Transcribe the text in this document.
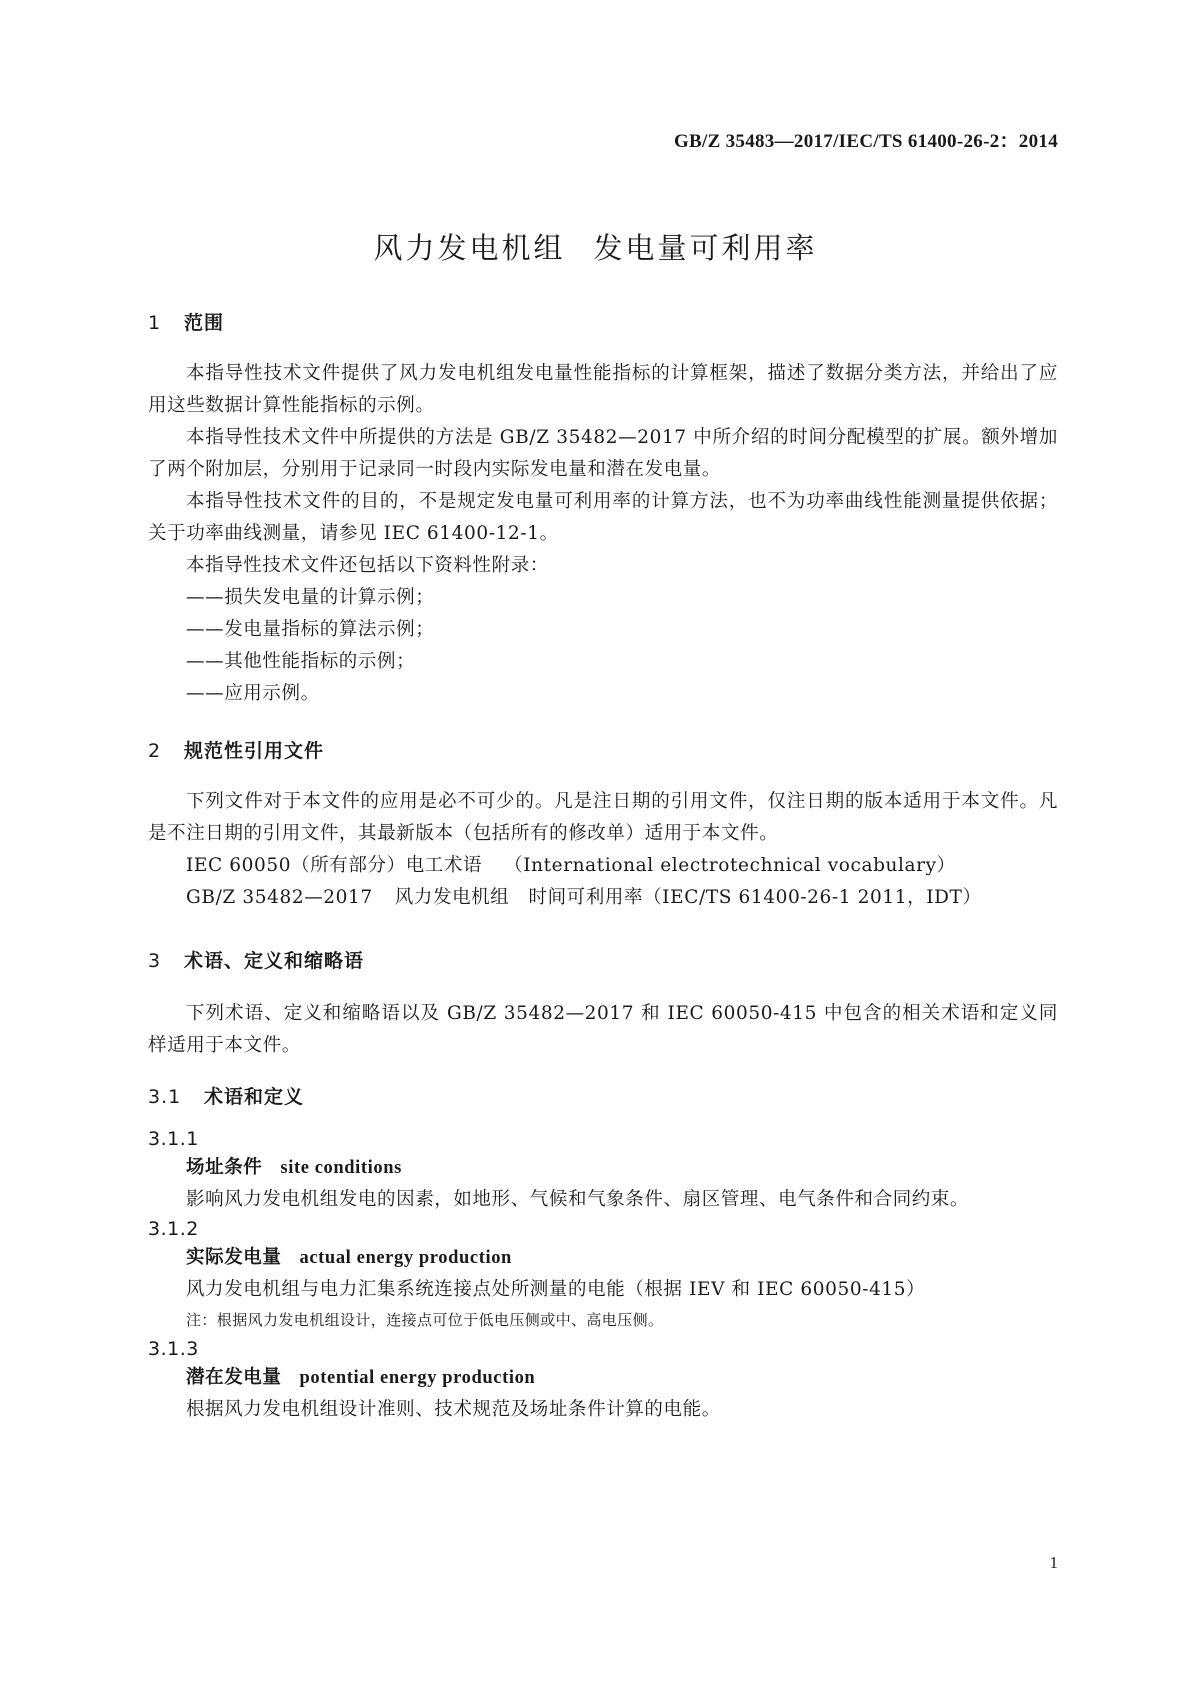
GB/Z 35483—2017/IEC/TS 61400-26-2：2014
风力发电机组 发电量可利用率
1 范围

本指导性技术文件提供了风力发电机组发电量性能指标的计算框架，描述了数据分类方法，并给出了应用这些数据计算性能指标的示例。

本指导性技术文件中所提供的方法是 GB/Z 35482—2017 中所介绍的时间分配模型的扩展。额外增加了两个附加层，分别用于记录同一时段内实际发电量和潜在发电量。

本指导性技术文件的目的，不是规定发电量可利用率的计算方法，也不为功率曲线性能测量提供依据；关于功率曲线测量，请参见 IEC 61400-12-1。

本指导性技术文件还包括以下资料性附录：

——损失发电量的计算示例；

——发电量指标的算法示例；

——其他性能指标的示例；

——应用示例。

2 规范性引用文件

下列文件对于本文件的应用是必不可少的。凡是注日期的引用文件，仅注日期的版本适用于本文件。凡是不注日期的引用文件，其最新版本（包括所有的修改单）适用于本文件。

IEC 60050（所有部分）电工术语 （International electrotechnical vocabulary）

GB/Z 35482—2017 风力发电机组　时间可利用率（IEC/TS 61400-26-1 2011，IDT）

3 术语、定义和缩略语

下列术语、定义和缩略语以及 GB/Z 35482—2017 和 IEC 60050-415 中包含的相关术语和定义同样适用于本文件。

3.1 术语和定义
3.1.1

场址条件 site conditions

影响风力发电机组发电的因素，如地形、气候和气象条件、扇区管理、电气条件和合同约束。

3.1.2

实际发电量 actual energy production

风力发电机组与电力汇集系统连接点处所测量的电能（根据 IEV 和 IEC 60050-415）

注：根据风力发电机组设计，连接点可位于低电压侧或中、高电压侧。

3.1.3

潜在发电量 potential energy production

根据风力发电机组设计准则、技术规范及场址条件计算的电能。

1
